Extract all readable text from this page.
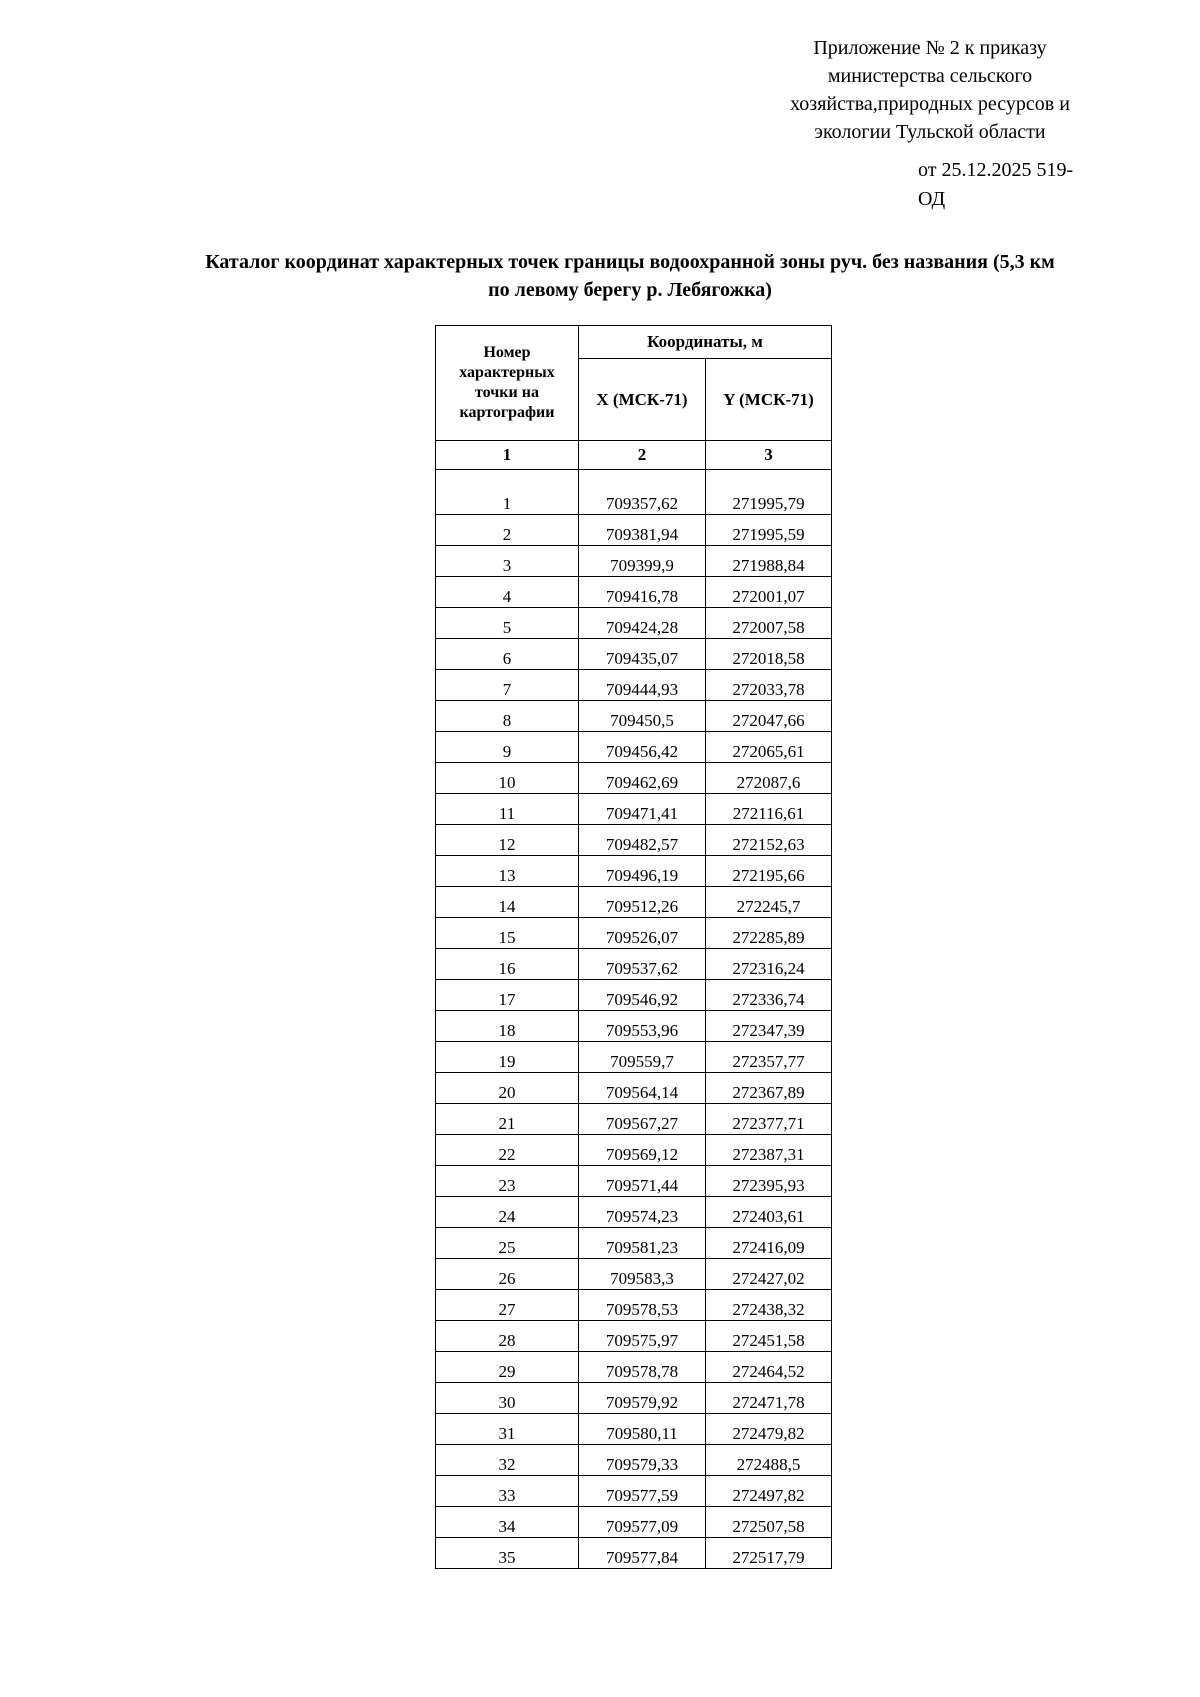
Приложение № 2 к приказу
министерства сельского
хозяйства,природных ресурсов и
экологии Тульской области
от 25.12.2025 519-
ОД
Каталог координат характерных точек границы водоохранной зоны руч. без названия (5,3 км
по левому берегу р. Лебягожка)
Номер характерных точки на картографии	Координаты, м	
	X (МСК-71)	Y (МСК-71)
1	2	3
1	709357,62	271995,79
2	709381,94	271995,59
3	709399,9	271988,84
4	709416,78	272001,07
5	709424,28	272007,58
6	709435,07	272018,58
7	709444,93	272033,78
8	709450,5	272047,66
9	709456,42	272065,61
10	709462,69	272087,6
11	709471,41	272116,61
12	709482,57	272152,63
13	709496,19	272195,66
14	709512,26	272245,7
15	709526,07	272285,89
16	709537,62	272316,24
17	709546,92	272336,74
18	709553,96	272347,39
19	709559,7	272357,77
20	709564,14	272367,89
21	709567,27	272377,71
22	709569,12	272387,31
23	709571,44	272395,93
24	709574,23	272403,61
25	709581,23	272416,09
26	709583,3	272427,02
27	709578,53	272438,32
28	709575,97	272451,58
29	709578,78	272464,52
30	709579,92	272471,78
31	709580,11	272479,82
32	709579,33	272488,5
33	709577,59	272497,82
34	709577,09	272507,58
35	709577,84	272517,79
